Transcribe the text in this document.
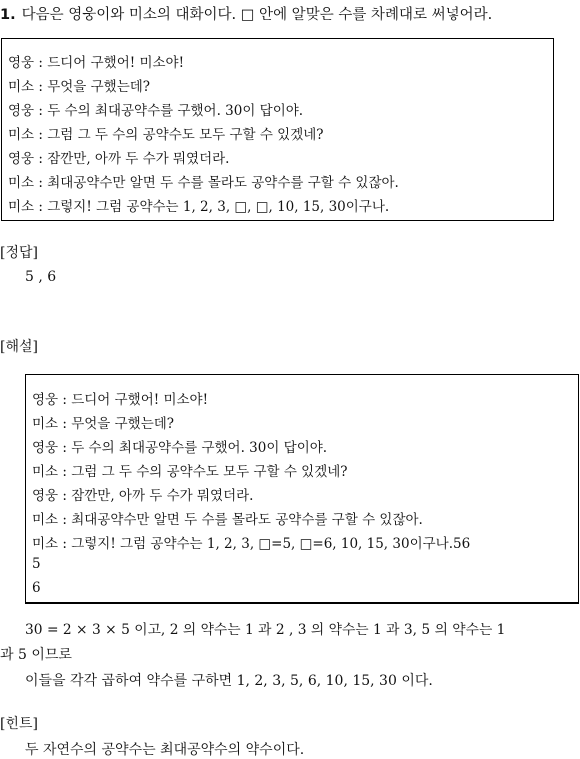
1. 다음은 영웅이와 미소의 대화이다. □ 안에 알맞은 수를 차례대로 써넣어라.
영웅 : 드디어 구했어! 미소야!
미소 : 무엇을 구했는데?
영웅 : 두 수의 최대공약수를 구했어. 30이 답이야.
미소 : 그럼 그 두 수의 공약수도 모두 구할 수 있겠네?
영웅 : 잠깐만, 아까 두 수가 뭐였더라.
미소 : 최대공약수만 알면 두 수를 몰라도 공약수를 구할 수 있잖아.
미소 : 그렇지! 그럼 공약수는 1, 2, 3, □, □, 10, 15, 30이구나.
[정답]
5 , 6
[해설]
영웅 : 드디어 구했어! 미소야!
미소 : 무엇을 구했는데?
영웅 : 두 수의 최대공약수를 구했어. 30이 답이야.
미소 : 그럼 그 두 수의 공약수도 모두 구할 수 있겠네?
영웅 : 잠깐만, 아까 두 수가 뭐였더라.
미소 : 최대공약수만 알면 두 수를 몰라도 공약수를 구할 수 있잖아.
미소 : 그렇지! 그럼 공약수는 1, 2, 3, □=5, □=6, 10, 15, 30이구나.56
5
6
30 = 2 × 3 × 5 이고, 2 의 약수는 1 과 2 , 3 의 약수는 1 과 3, 5 의 약수는 1
과 5 이므로
이들을 각각 곱하여 약수를 구하면 1, 2, 3, 5, 6, 10, 15, 30 이다.
[힌트]
두 자연수의 공약수는 최대공약수의 약수이다.
